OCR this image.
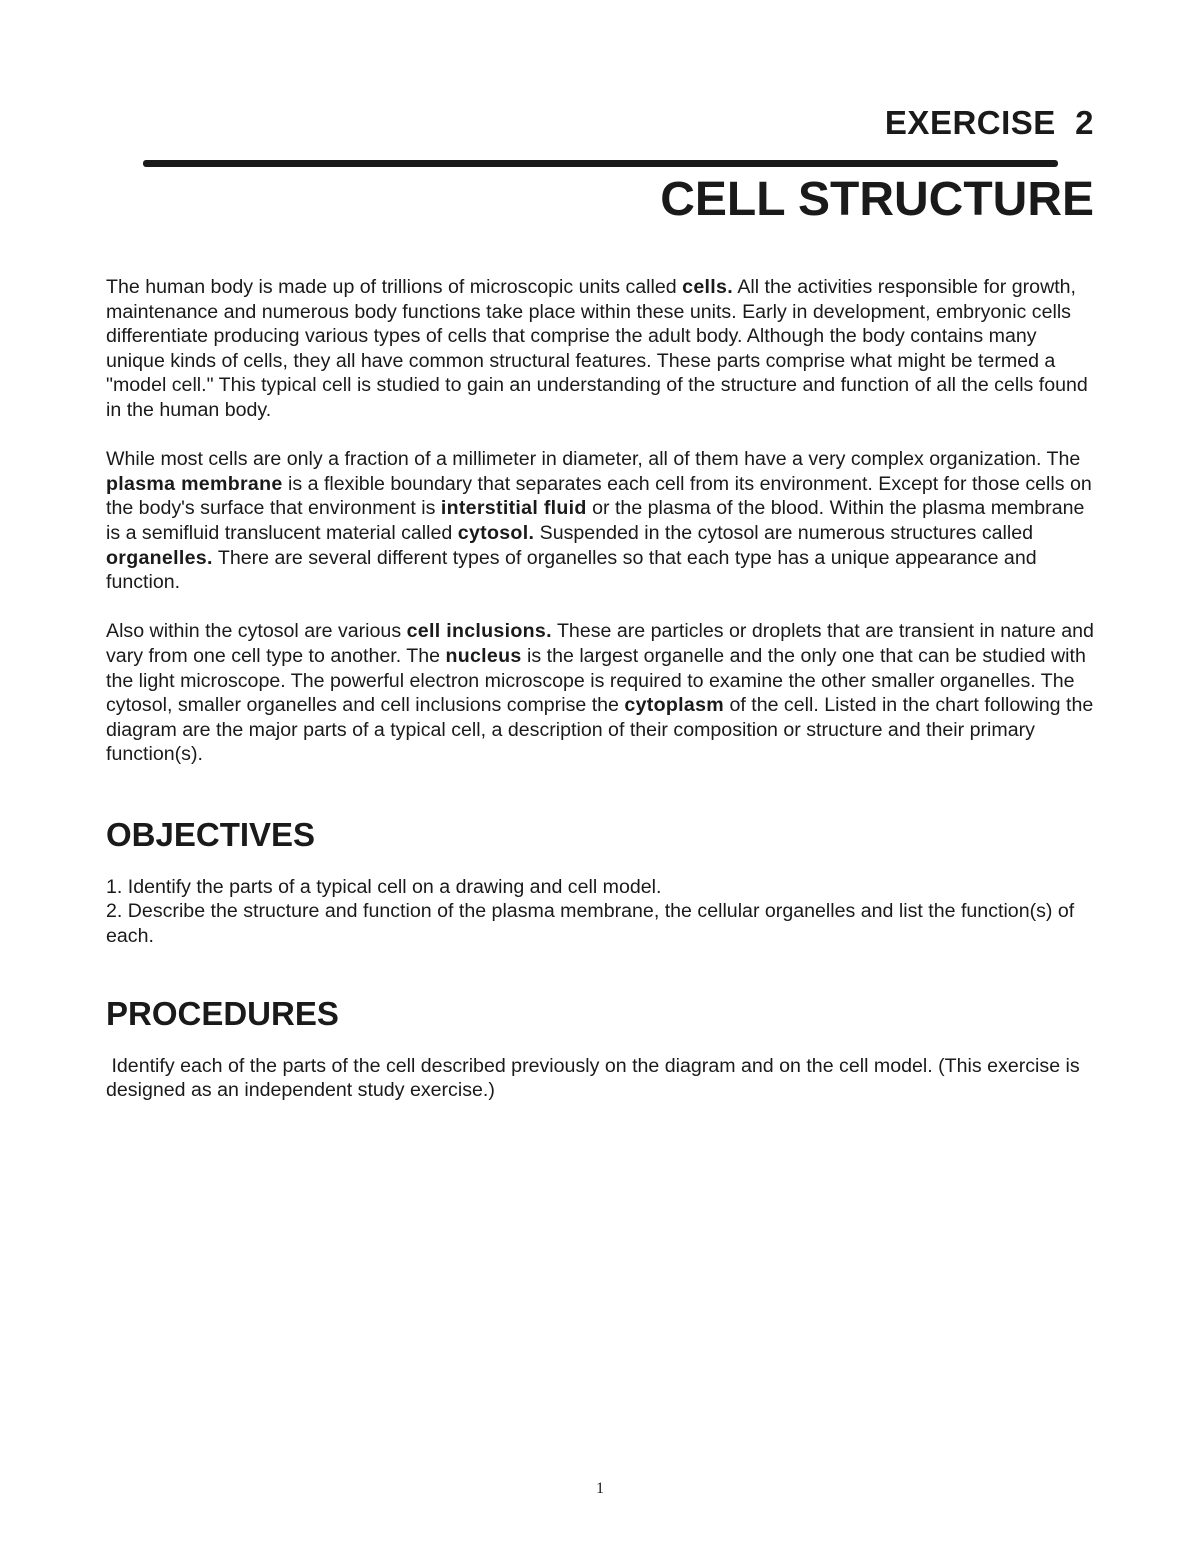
EXERCISE  2
CELL STRUCTURE

The human body is made up of trillions of microscopic units called cells. All the activities responsible for growth, maintenance and numerous body functions take place within these units. Early in development, embryonic cells differentiate producing various types of cells that comprise the adult body. Although the body contains many unique kinds of cells, they all have common structural features. These parts comprise what might be termed a "model cell." This typical cell is studied to gain an understanding of the structure and function of all the cells found in the human body.

While most cells are only a fraction of a millimeter in diameter, all of them have a very complex organization. The plasma membrane is a flexible boundary that separates each cell from its environment. Except for those cells on the body's surface that environment is interstitial fluid or the plasma of the blood. Within the plasma membrane is a semifluid translucent material called cytosol. Suspended in the cytosol are numerous structures called organelles. There are several different types of organelles so that each type has a unique appearance and function.

Also within the cytosol are various cell inclusions. These are particles or droplets that are transient in nature and vary from one cell type to another. The nucleus is the largest organelle and the only one that can be studied with the light microscope. The powerful electron microscope is required to examine the other smaller organelles. The cytosol, smaller organelles and cell inclusions comprise the cytoplasm of the cell. Listed in the chart following the diagram are the major parts of a typical cell, a description of their composition or structure and their primary function(s).

OBJECTIVES

1. Identify the parts of a typical cell on a drawing and cell model.

2. Describe the structure and function of the plasma membrane, the cellular organelles and list the function(s) of each.

PROCEDURES

Identify each of the parts of the cell described previously on the diagram and on the cell model. (This exercise is designed as an independent study exercise.)

1
